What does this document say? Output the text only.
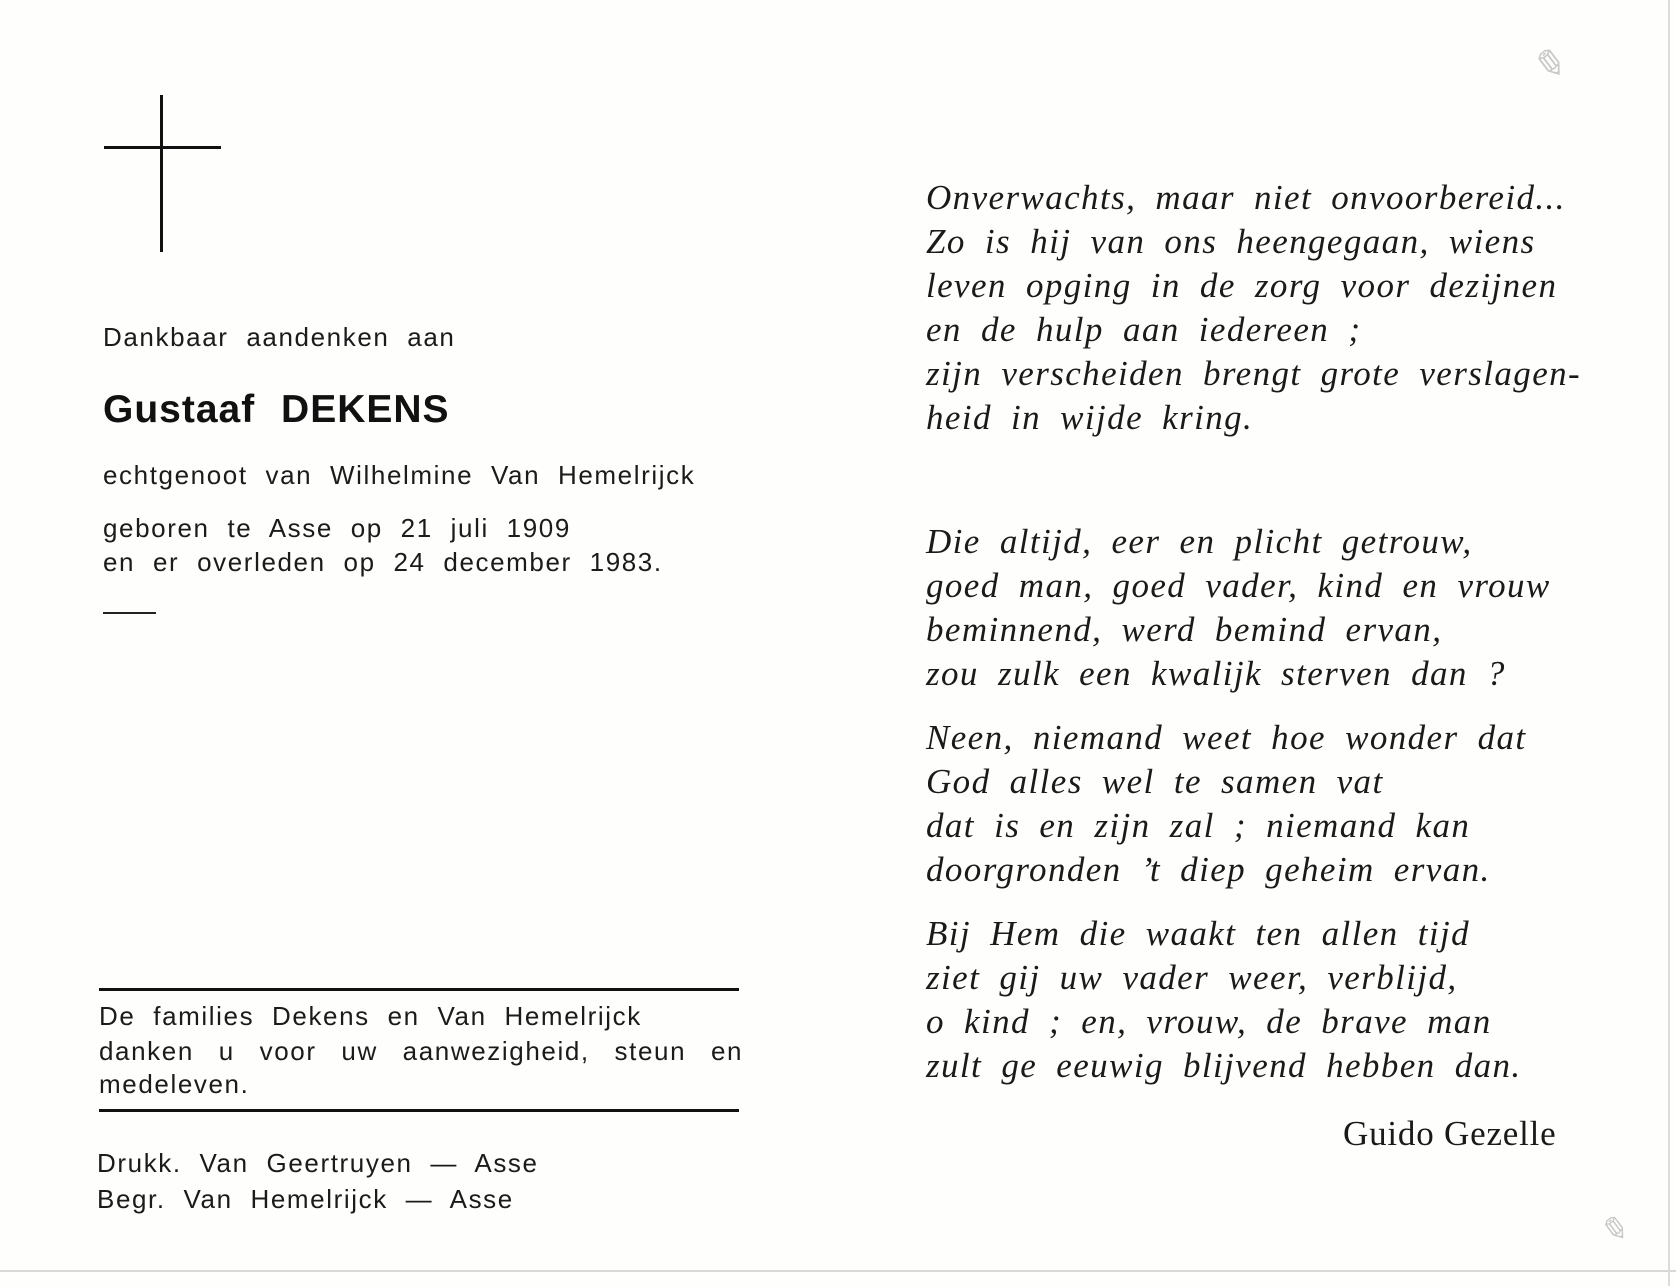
Dankbaar aandenken aan
Gustaaf DEKENS
echtgenoot van Wilhelmine Van Hemelrijck
geboren te Asse op 21 juli 1909
en er overleden op 24 december 1983.
De families Dekens en Van Hemelrijck
danken u voor uw aanwezigheid, steun en
medeleven.
Drukk. Van Geertruyen — Asse
Begr. Van Hemelrijck — Asse
Onverwachts, maar niet onvoorbereid...
Zo is hij van ons heengegaan, wiens
leven opging in de zorg voor dezijnen
en de hulp aan iedereen ;
zijn verscheiden brengt grote verslagen-
heid in wijde kring.
Die altijd, eer en plicht getrouw,
goed man, goed vader, kind en vrouw
beminnend, werd bemind ervan,
zou zulk een kwalijk sterven dan ?
Neen, niemand weet hoe wonder dat
God alles wel te samen vat
dat is en zijn zal ; niemand kan
doorgronden ’t diep geheim ervan.
Bij Hem die waakt ten allen tijd
ziet gij uw vader weer, verblijd,
o kind ; en, vrouw, de brave man
zult ge eeuwig blijvend hebben dan.
Guido Gezelle
✎
✎
